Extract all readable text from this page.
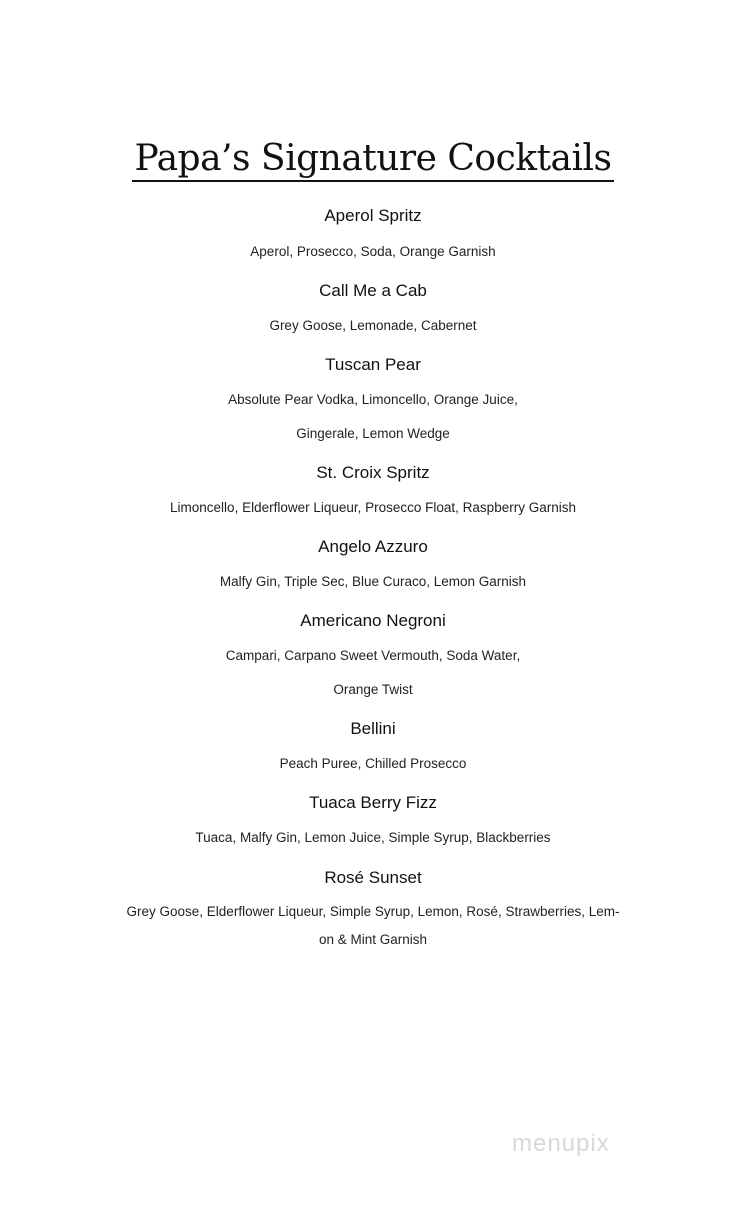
Papa’s Signature Cocktails
Aperol Spritz
Aperol, Prosecco, Soda, Orange Garnish
Call Me a Cab
Grey Goose, Lemonade, Cabernet
Tuscan Pear
Absolute Pear Vodka, Limoncello, Orange Juice,
Gingerale, Lemon Wedge
St. Croix Spritz
Limoncello, Elderflower Liqueur, Prosecco Float, Raspberry Garnish
Angelo Azzuro
Malfy Gin, Triple Sec, Blue Curaco, Lemon Garnish
Americano Negroni
Campari, Carpano Sweet Vermouth, Soda Water,
Orange Twist
Bellini
Peach Puree, Chilled Prosecco
Tuaca Berry Fizz
Tuaca, Malfy Gin, Lemon Juice, Simple Syrup, Blackberries
Rosé Sunset
Grey Goose, Elderflower Liqueur, Simple Syrup, Lemon, Rosé, Strawberries, Lem-
on & Mint Garnish
menupix
